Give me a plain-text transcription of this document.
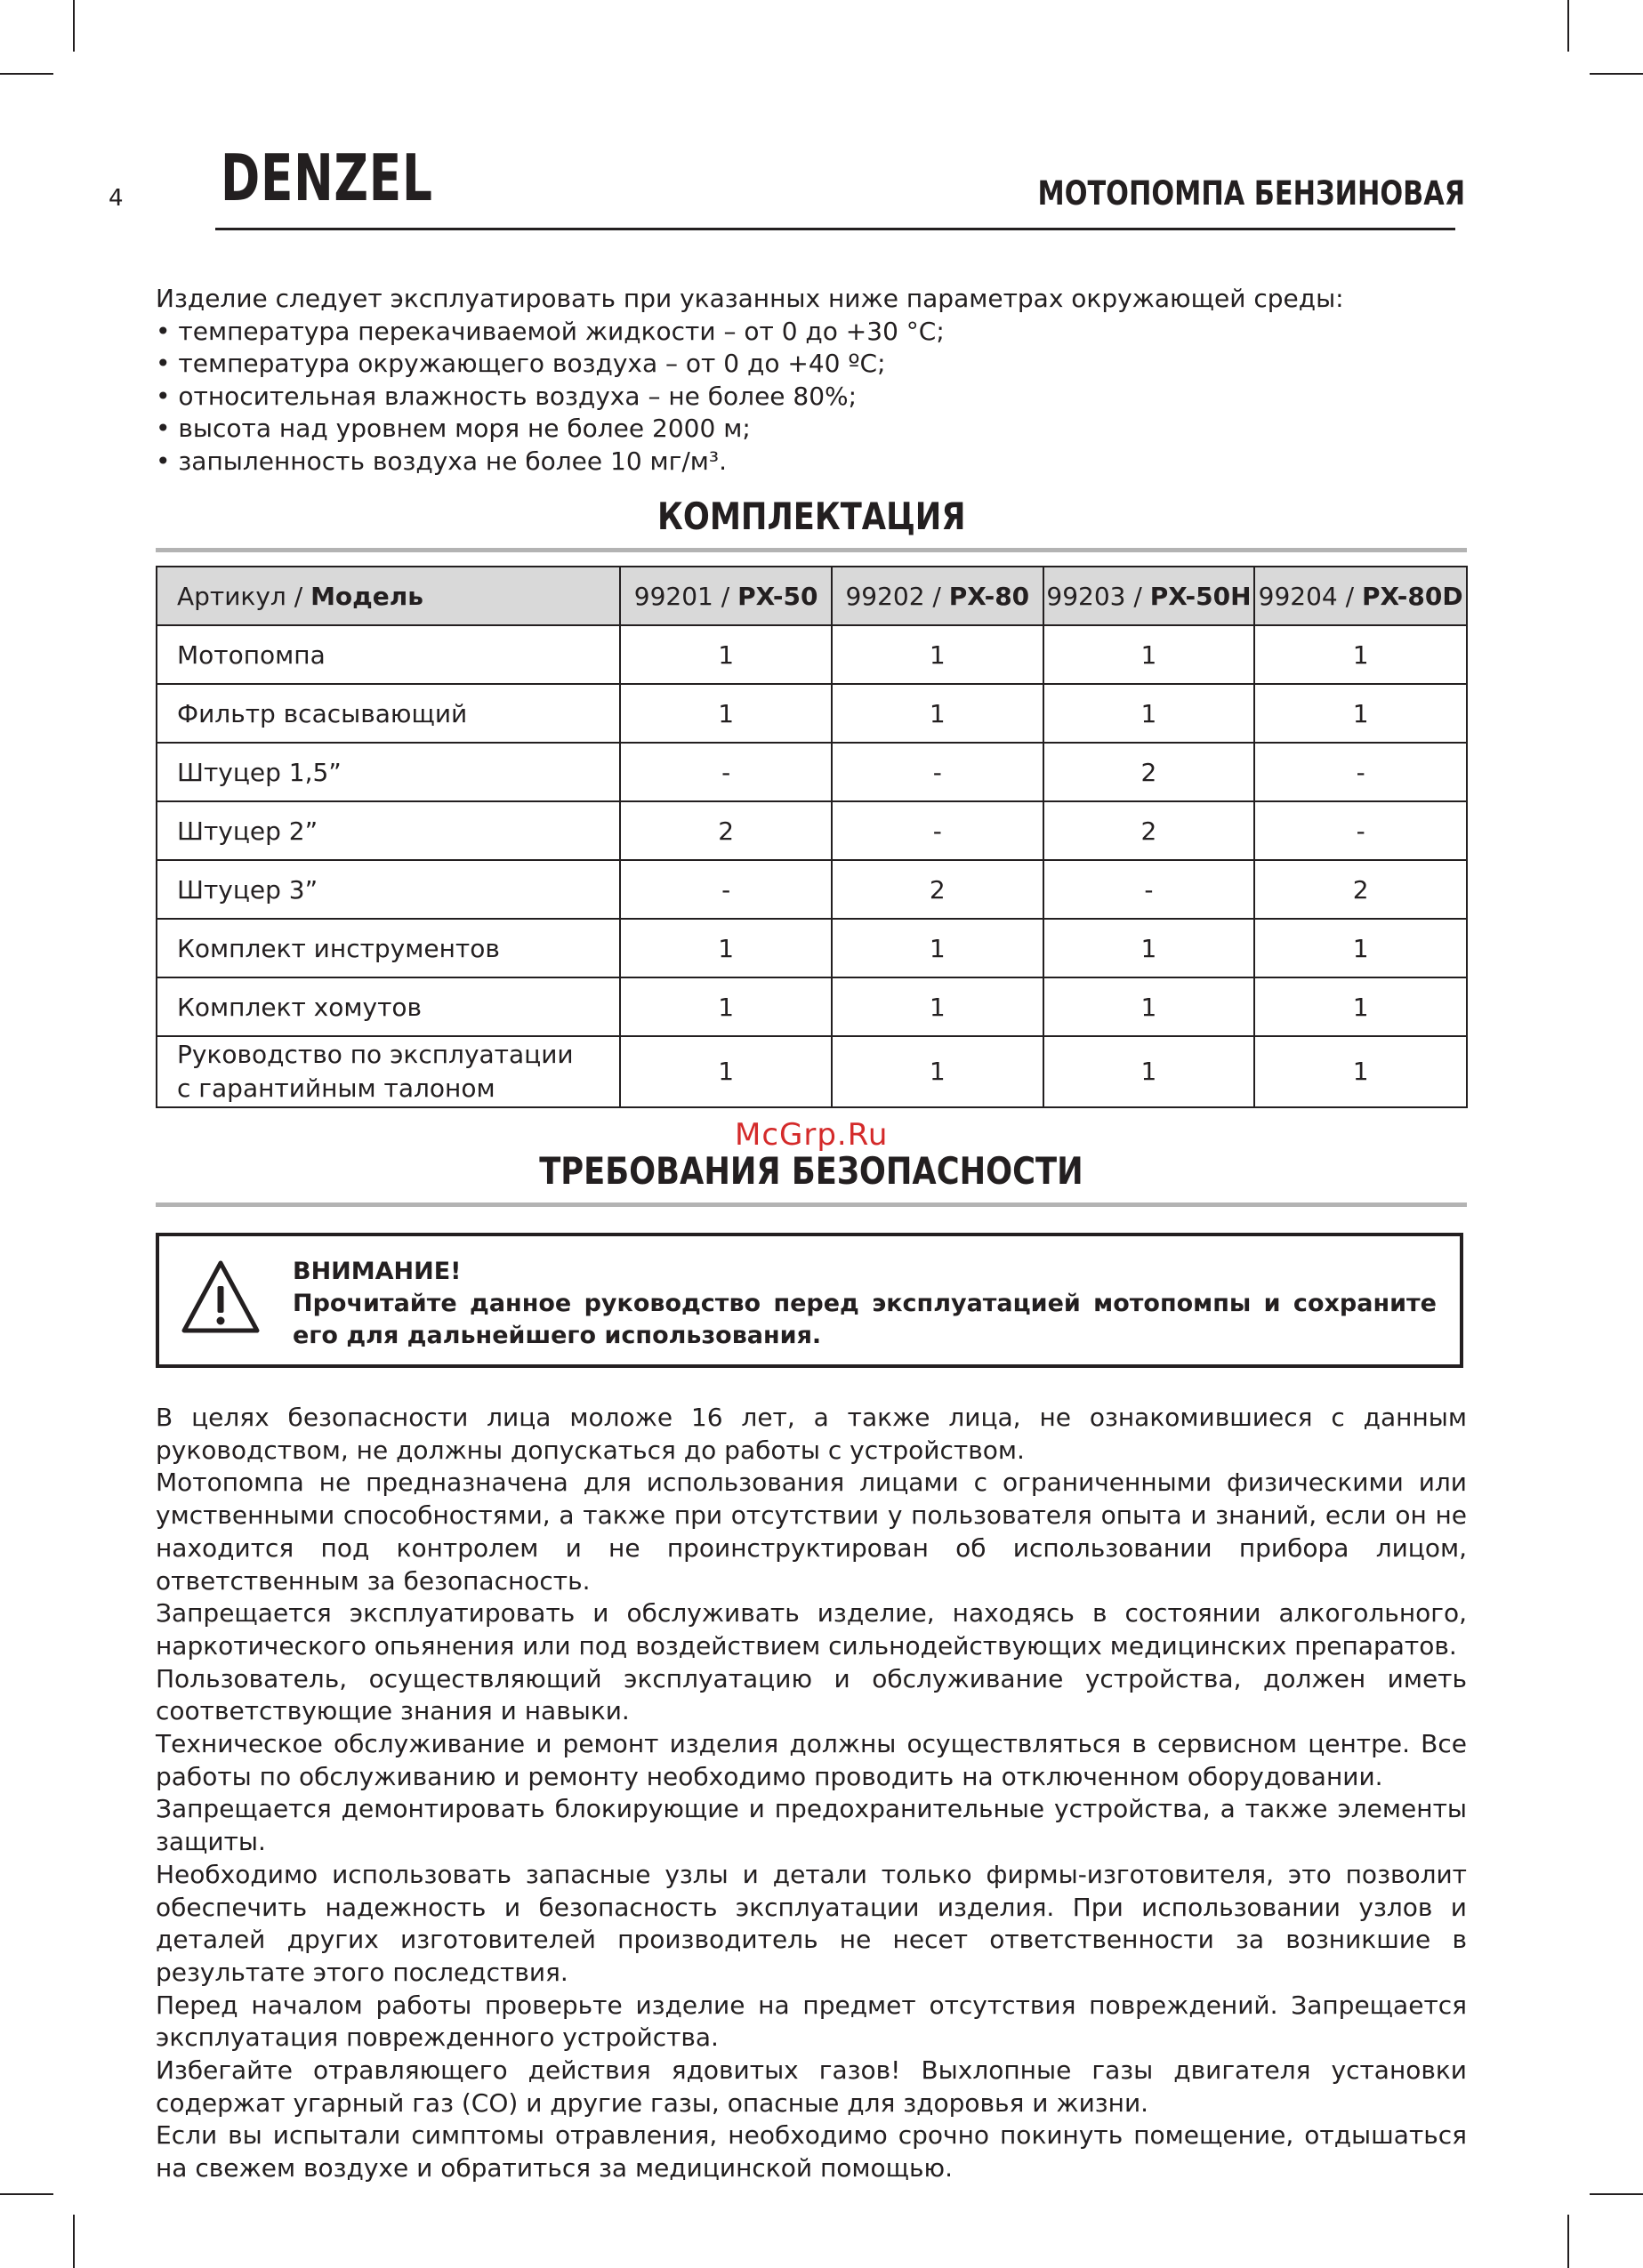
4 DENZEL	МОТОПОМПА БЕНЗИНОВАЯ
Изделие следует эксплуатировать при указанных ниже параметрах окружающей среды:
• температура перекачиваемой жидкости – от 0 до +30 °С;
• температура окружающего воздуха – от 0 до +40 ºС;
• относительная влажность воздуха – не более 80%;
• высота над уровнем моря не более 2000 м;
• запыленность воздуха не более 10 мг/м³.
КОМПЛЕКТАЦИЯ
Артикул / Модель	99201 / PX-50	99202 / PX-80	99203 / PX-50H	99204 / PX-80D
Мотопомпа	1	1	1	1
Фильтр всасывающий	1	1	1	1
Штуцер 1,5”	-	-	2	-
Штуцер 2”	2	-	2	-
Штуцер 3”	-	2	-	2
Комплект инструментов	1	1	1	1
Комплект хомутов	1	1	1	1

Руководство по эксплуатации
с гарантийным талоном	1	1	1	1
McGrp.Ru
ТРЕБОВАНИЯ БЕЗОПАСНОСТИ
ВНИМАНИЕ!
Прочитайте данное руководство перед эксплуатацией мотопомпы и сохраните его для дальнейшего использования.

В целях безопасности лица моложе 16 лет, а также лица, не ознакомившиеся с данным руководством, не должны допускаться до работы с устройством.

Мотопомпа не предназначена для использования лицами с ограниченными физическими или умственными способностями, а также при отсутствии у пользователя опыта и знаний, если он не находится под контролем и не проинструктирован об использовании прибора лицом, ответственным за безопасность.

Запрещается эксплуатировать и обслуживать изделие, находясь в состоянии алкогольного, наркотического опьянения или под воздействием сильнодействующих медицинских препаратов.

Пользователь, осуществляющий эксплуатацию и обслуживание устройства, должен иметь соответствующие знания и навыки.

Техническое обслуживание и ремонт изделия должны осуществляться в сервисном центре. Все работы по обслуживанию и ремонту необходимо проводить на отключенном оборудовании.

Запрещается демонтировать блокирующие и предохранительные устройства, а также элементы защиты.

Необходимо использовать запасные узлы и детали только фирмы-изготовителя, это позволит обеспечить надежность и безопасность эксплуатации изделия. При использовании узлов и деталей других изготовителей производитель не несет ответственности за возникшие в результате этого последствия.

Перед началом работы проверьте изделие на предмет отсутствия повреждений. Запрещается эксплуатация поврежденного устройства.

Избегайте отравляющего действия ядовитых газов! Выхлопные газы двигателя установки содержат угарный газ (СО) и другие газы, опасные для здоровья и жизни.

Если вы испытали симптомы отравления, необходимо срочно покинуть помещение, отдышаться на свежем воздухе и обратиться за медицинской помощью.
